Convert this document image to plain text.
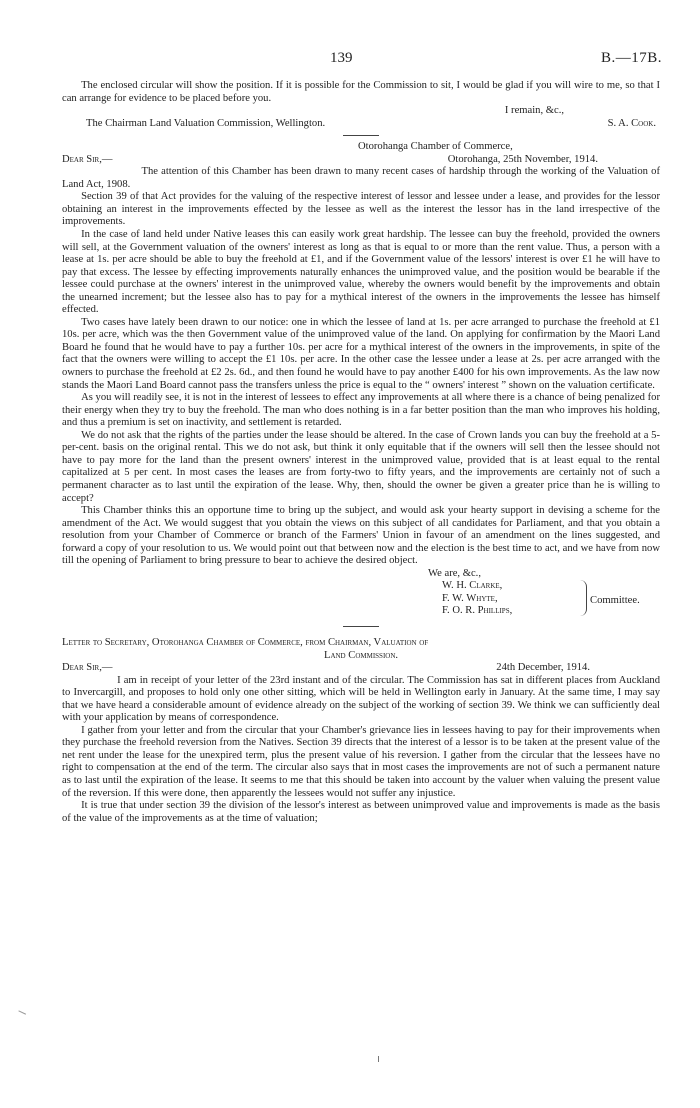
139	B.—17B.

The enclosed circular will show the position. If it is possible for the Commission to sit, I would be glad if you will wire to me, so that I can arrange for evidence to be placed before you.

I remain, &c.,
The Chairman Land Valuation Commission, Wellington.	S. A. Cook.
Otorohanga Chamber of Commerce,
Dear Sir,—	Otorohanga, 25th November, 1914.

The attention of this Chamber has been drawn to many recent cases of hardship through the working of the Valuation of Land Act, 1908.

Section 39 of that Act provides for the valuing of the respective interest of lessor and lessee under a lease, and provides for the lessor obtaining an interest in the improvements effected by the lessee as well as the interest the lessor has in the land irrespective of the improvements.

In the case of land held under Native leases this can easily work great hardship. The lessee can buy the freehold, provided the owners will sell, at the Government valuation of the owners' interest as long as that is equal to or more than the rent value. Thus, a person with a lease at 1s. per acre should be able to buy the freehold at £1, and if the Government value of the lessors' interest is over £1 he will have to pay that excess. The lessee by effecting improvements naturally enhances the unimproved value, and the position would be bearable if the lessee could purchase at the owners' interest in the unimproved value, whereby the owners would benefit by the improvements and obtain the unearned increment; but the lessee also has to pay for a mythical interest of the owners in the improvements the lessee has himself effected.

Two cases have lately been drawn to our notice: one in which the lessee of land at 1s. per acre arranged to purchase the freehold at £1 10s. per acre, which was the then Government value of the unimproved value of the land. On applying for confirmation by the Maori Land Board he found that he would have to pay a further 10s. per acre for a mythical interest of the owners in the improvements, in spite of the fact that the owners were willing to accept the £1 10s. per acre. In the other case the lessee under a lease at 2s. per acre arranged with the owners to purchase the freehold at £2 2s. 6d., and then found he would have to pay another £400 for his own improvements. As the law now stands the Maori Land Board cannot pass the transfers unless the price is equal to the “ owners' interest ” shown on the valuation certificate.

As you will readily see, it is not in the interest of lessees to effect any improvements at all where there is a chance of being penalized for their energy when they try to buy the freehold. The man who does nothing is in a far better position than the man who improves his holding, and thus a premium is set on inactivity, and settlement is retarded.

We do not ask that the rights of the parties under the lease should be altered. In the case of Crown lands you can buy the freehold at a 5-per-cent. basis on the original rental. This we do not ask, but think it only equitable that if the owners will sell then the lessee should not have to pay more for the land than the present owners' interest in the unimproved value, provided that is at least equal to the rental capitalized at 5 per cent. In most cases the leases are from forty-two to fifty years, and the improvements are certainly not of such a permanent character as to last until the expiration of the lease. Why, then, should the owner be given a greater price than he is willing to accept?

This Chamber thinks this an opportune time to bring up the subject, and would ask your hearty support in devising a scheme for the amendment of the Act. We would suggest that you obtain the views on this subject of all candidates for Parliament, and that you obtain a resolution from your Chamber of Commerce or branch of the Farmers' Union in favour of an amendment on the lines suggested, and forward a copy of your resolution to us. We would point out that between now and the election is the best time to act, and we have from now till the opening of Parliament to bring pressure to bear to achieve the desired object.

We are, &c.,
W. H. Clarke,
F. W. Whyte,
F. O. R. Phillips,
Committee.
Letter to Secretary, Otorohanga Chamber of Commerce, from Chairman, Valuation of
Land Commission.
Dear Sir,—	24th December, 1914.

I am in receipt of your letter of the 23rd instant and of the circular. The Commission has sat in different places from Auckland to Invercargill, and proposes to hold only one other sitting, which will be held in Wellington early in January. At the same time, I may say that we have heard a considerable amount of evidence already on the subject of the working of section 39. We think we can sufficiently deal with your application by means of correspondence.

I gather from your letter and from the circular that your Chamber's grievance lies in lessees having to pay for their improvements when they purchase the freehold reversion from the Natives. Section 39 directs that the interest of a lessor is to be taken at the present value of the net rent under the lease for the unexpired term, plus the present value of his reversion. I gather from the circular that the lessees have no right to compensation at the end of the term. The circular also says that in most cases the improvements are not of such a permanent nature as to last until the expiration of the lease. It seems to me that this should be taken into account by the valuer when valuing the present value of the reversion. If this were done, then apparently the lessees would not suffer any injustice.

It is true that under section 39 the division of the lessor's interest as between unimproved value and improvements is made as the basis of the value of the improvements as at the time of valuation;
